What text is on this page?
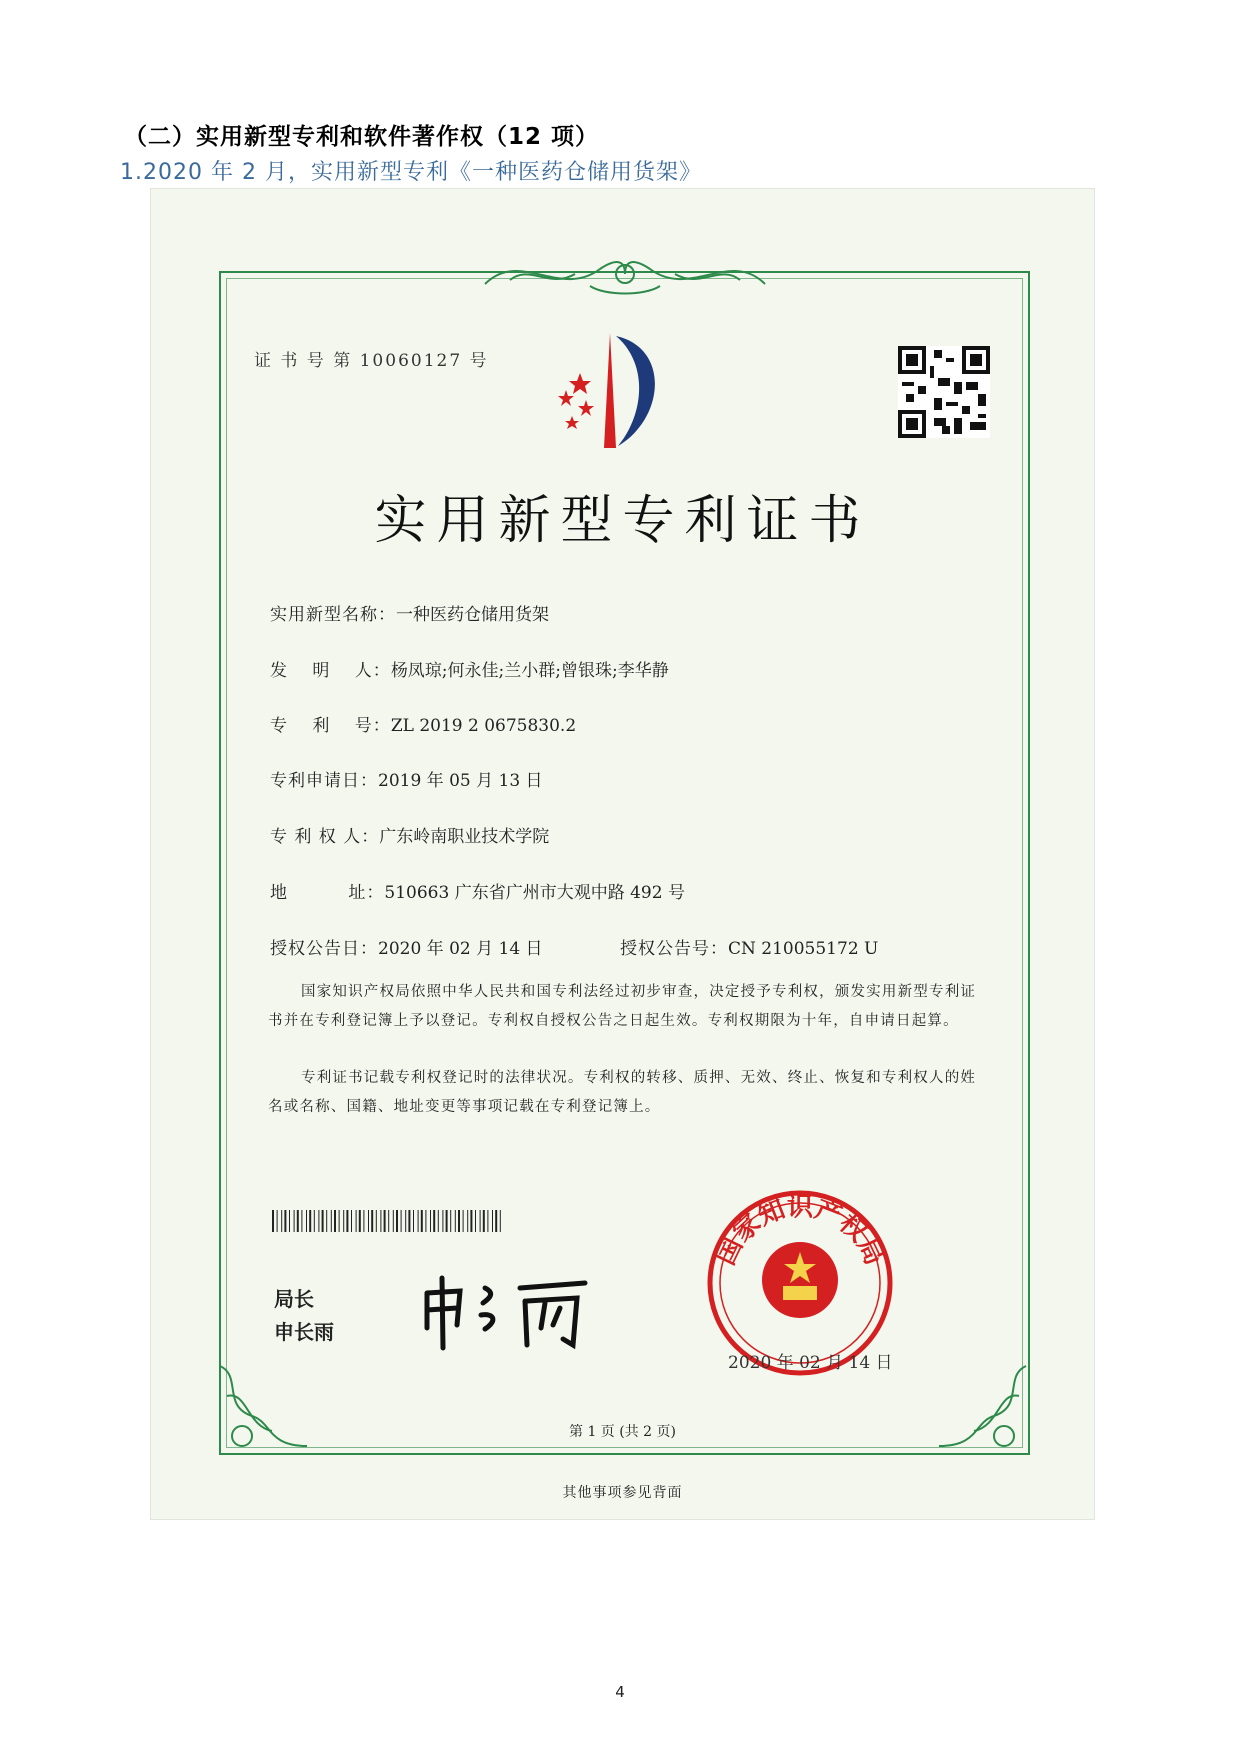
（二）实用新型专利和软件著作权（12 项）
1.2020 年 2 月，实用新型专利《一种医药仓储用货架》
证 书 号 第 10060127 号
实用新型专利证书
实用新型名称：一种医药仓储用货架
发　 明　 人：杨凤琼;何永佳;兰小群;曾银珠;李华静
专　 利　 号：ZL 2019 2 0675830.2
专利申请日：2019 年 05 月 13 日
专 利 权 人：广东岭南职业技术学院
地　　　 址：510663 广东省广州市大观中路 492 号
授权公告日：2020 年 02 月 14 日	授权公告号：CN 210055172 U
国家知识产权局依照中华人民共和国专利法经过初步审查，决定授予专利权，颁发实用新型专利证书并在专利登记簿上予以登记。专利权自授权公告之日起生效。专利权期限为十年，自申请日起算。
专利证书记载专利权登记时的法律状况。专利权的转移、质押、无效、终止、恢复和专利权人的姓名或名称、国籍、地址变更等事项记载在专利登记簿上。
局长
申长雨
国家知识产权局
2020 年 02 月 14 日
第 1 页 (共 2 页)
其他事项参见背面
4
